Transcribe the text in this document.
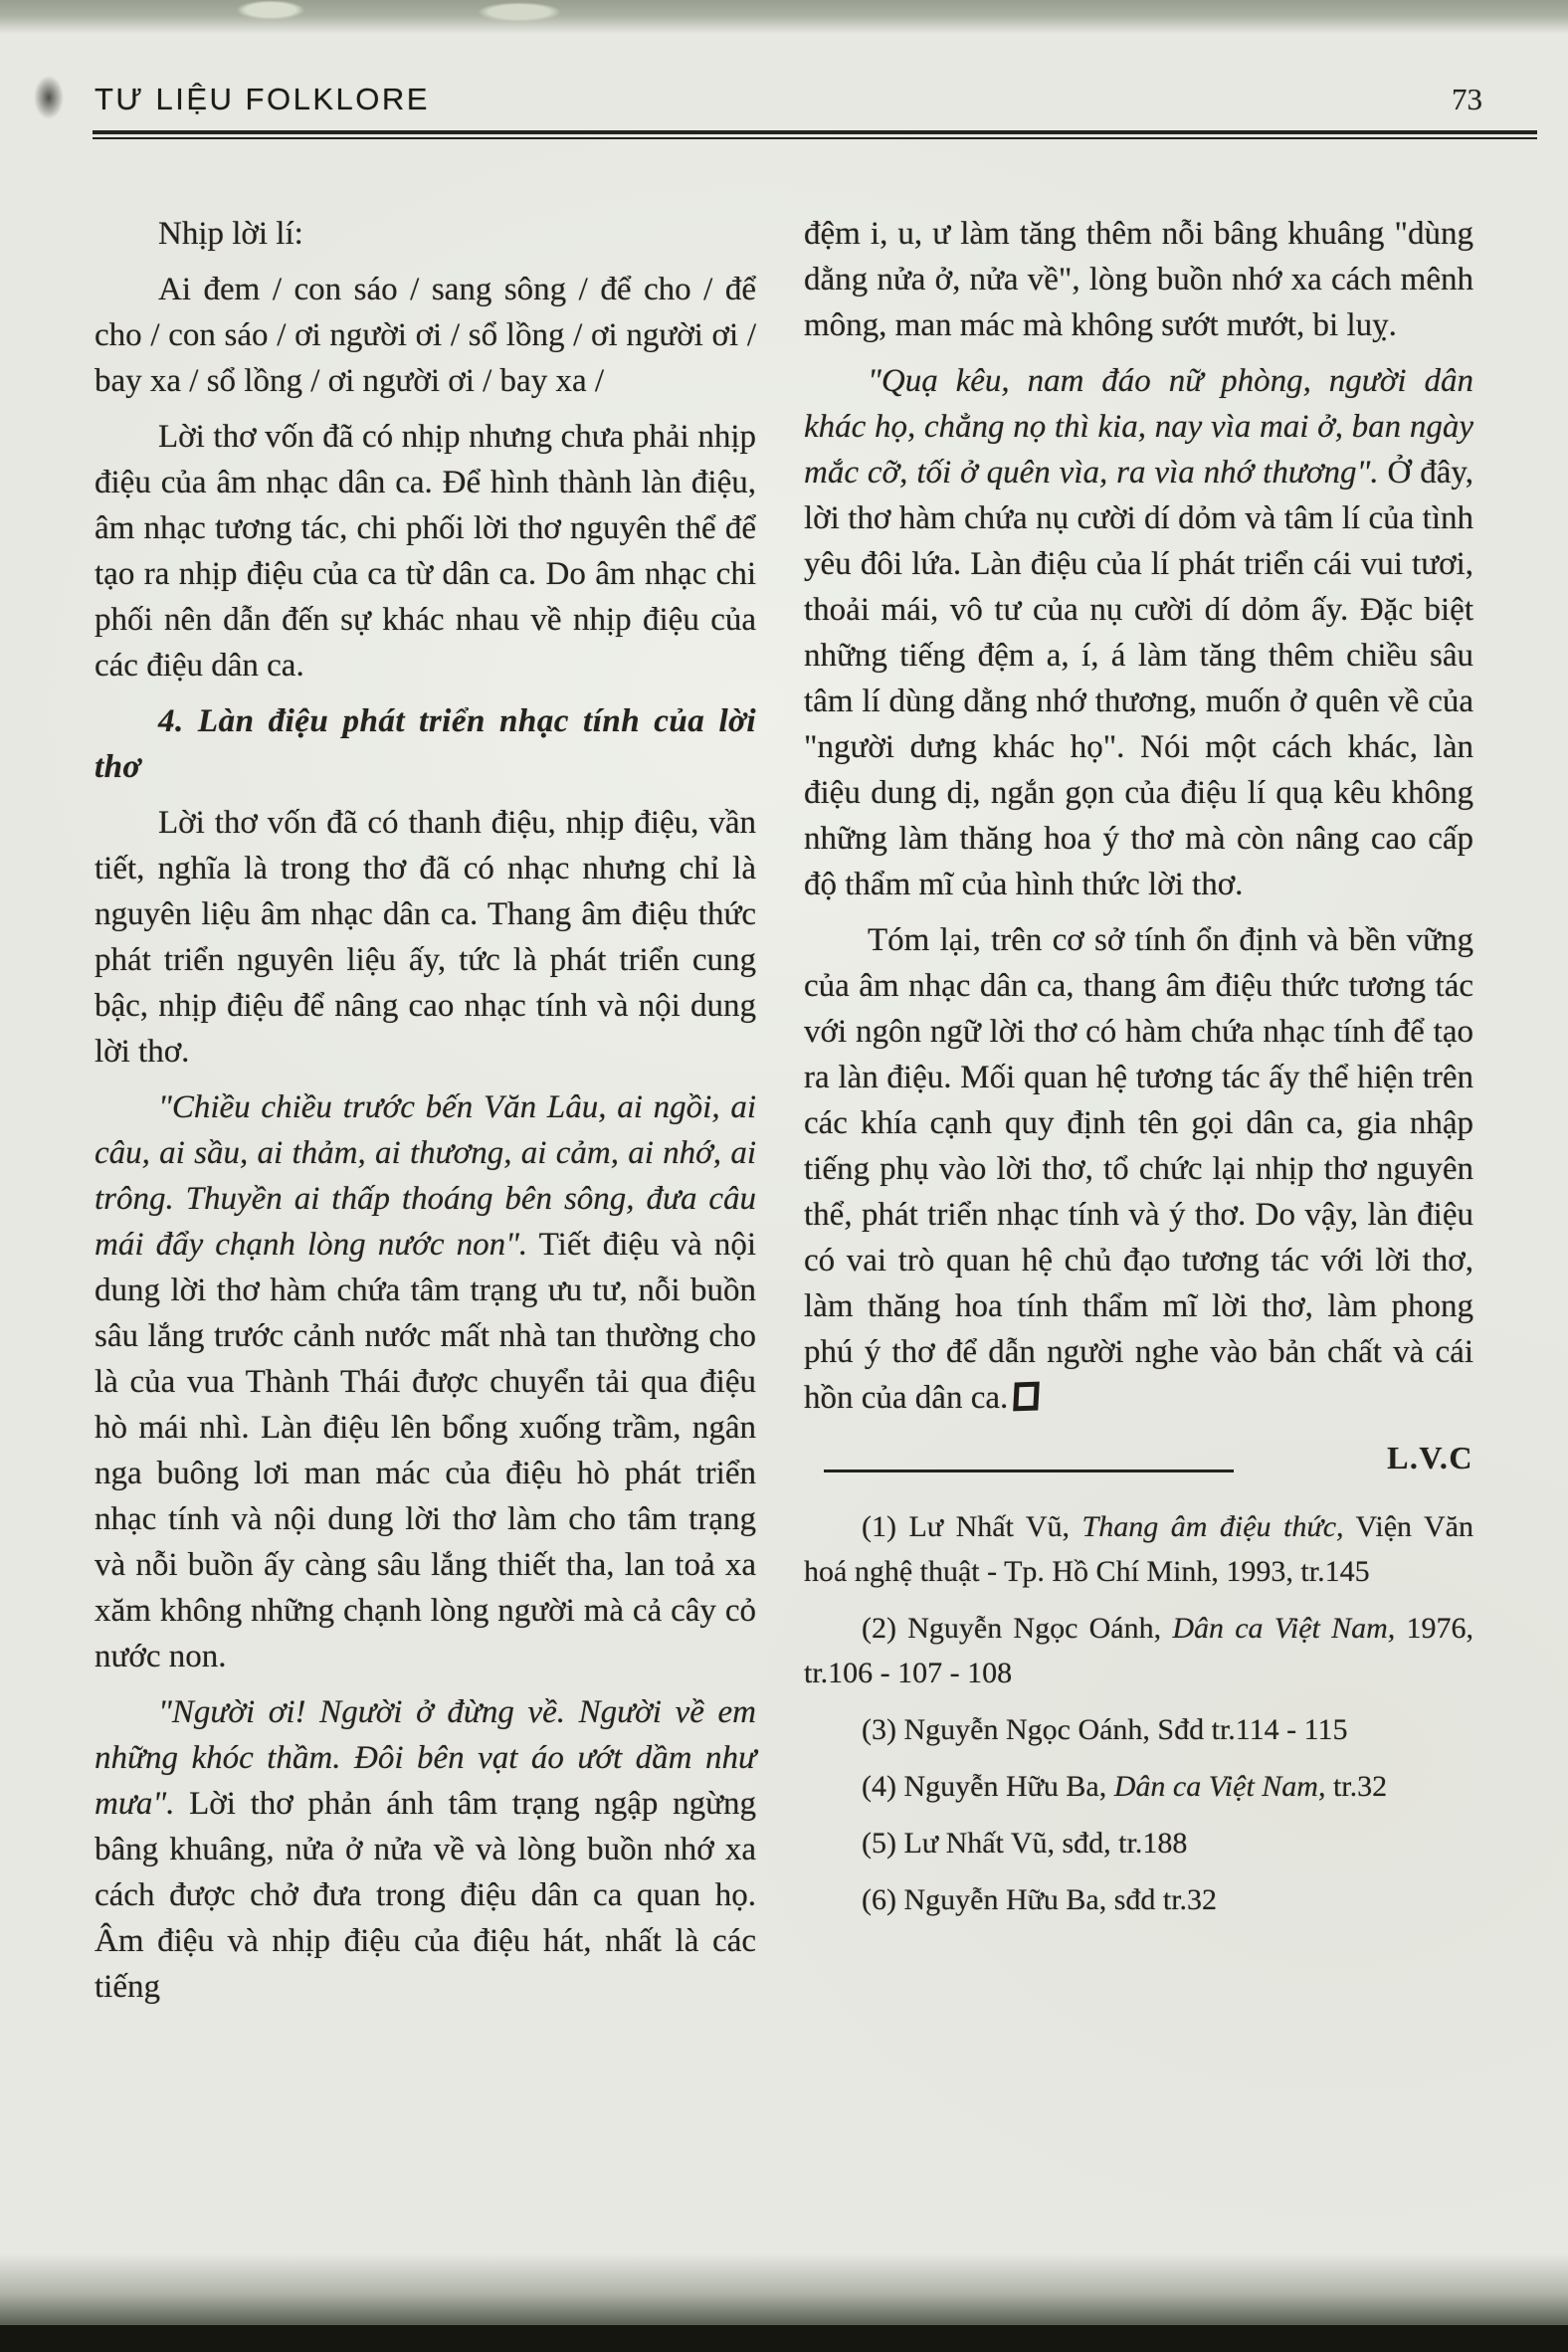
TƯ LIỆU FOLKLORE	73

Nhịp lời lí:

Ai đem / con sáo / sang sông / để cho / để cho / con sáo / ơi người ơi / sổ lồng / ơi người ơi / bay xa / sổ lồng / ơi người ơi / bay xa /

Lời thơ vốn đã có nhịp nhưng chưa phải nhịp điệu của âm nhạc dân ca. Để hình thành làn điệu, âm nhạc tương tác, chi phối lời thơ nguyên thể để tạo ra nhịp điệu của ca từ dân ca. Do âm nhạc chi phối nên dẫn đến sự khác nhau về nhịp điệu của các điệu dân ca.

4. Làn điệu phát triển nhạc tính của lời thơ

Lời thơ vốn đã có thanh điệu, nhịp điệu, vần tiết, nghĩa là trong thơ đã có nhạc nhưng chỉ là nguyên liệu âm nhạc dân ca. Thang âm điệu thức phát triển nguyên liệu ấy, tức là phát triển cung bậc, nhịp điệu để nâng cao nhạc tính và nội dung lời thơ.

"Chiều chiều trước bến Văn Lâu, ai ngồi, ai câu, ai sầu, ai thảm, ai thương, ai cảm, ai nhớ, ai trông. Thuyền ai thấp thoáng bên sông, đưa câu mái đẩy chạnh lòng nước non". Tiết điệu và nội dung lời thơ hàm chứa tâm trạng ưu tư, nỗi buồn sâu lắng trước cảnh nước mất nhà tan thường cho là của vua Thành Thái được chuyển tải qua điệu hò mái nhì. Làn điệu lên bổng xuống trầm, ngân nga buông lơi man mác của điệu hò phát triển nhạc tính và nội dung lời thơ làm cho tâm trạng và nỗi buồn ấy càng sâu lắng thiết tha, lan toả xa xăm không những chạnh lòng người mà cả cây cỏ nước non.

"Người ơi! Người ở đừng về. Người về em những khóc thầm. Đôi bên vạt áo ướt dầm như mưa". Lời thơ phản ánh tâm trạng ngập ngừng bâng khuâng, nửa ở nửa về và lòng buồn nhớ xa cách được chở đưa trong điệu dân ca quan họ. Âm điệu và nhịp điệu của điệu hát, nhất là các tiếng

đệm i, u, ư làm tăng thêm nỗi bâng khuâng "dùng dằng nửa ở, nửa về", lòng buồn nhớ xa cách mênh mông, man mác mà không sướt mướt, bi luỵ.

"Quạ kêu, nam đáo nữ phòng, người dân khác họ, chẳng nọ thì kia, nay vìa mai ở, ban ngày mắc cỡ, tối ở quên vìa, ra vìa nhớ thương". Ở đây, lời thơ hàm chứa nụ cười dí dỏm và tâm lí của tình yêu đôi lứa. Làn điệu của lí phát triển cái vui tươi, thoải mái, vô tư của nụ cười dí dỏm ấy. Đặc biệt những tiếng đệm a, í, á làm tăng thêm chiều sâu tâm lí dùng dằng nhớ thương, muốn ở quên về của "người dưng khác họ". Nói một cách khác, làn điệu dung dị, ngắn gọn của điệu lí quạ kêu không những làm thăng hoa ý thơ mà còn nâng cao cấp độ thẩm mĩ của hình thức lời thơ.

Tóm lại, trên cơ sở tính ổn định và bền vững của âm nhạc dân ca, thang âm điệu thức tương tác với ngôn ngữ lời thơ có hàm chứa nhạc tính để tạo ra làn điệu. Mối quan hệ tương tác ấy thể hiện trên các khía cạnh quy định tên gọi dân ca, gia nhập tiếng phụ vào lời thơ, tổ chức lại nhịp thơ nguyên thể, phát triển nhạc tính và ý thơ. Do vậy, làn điệu có vai trò quan hệ chủ đạo tương tác với lời thơ, làm thăng hoa tính thẩm mĩ lời thơ, làm phong phú ý thơ để dẫn người nghe vào bản chất và cái hồn của dân ca.

L.V.C

(1) Lư Nhất Vũ, Thang âm điệu thức, Viện Văn hoá nghệ thuật - Tp. Hồ Chí Minh, 1993, tr.145

(2) Nguyễn Ngọc Oánh, Dân ca Việt Nam, 1976, tr.106 - 107 - 108

(3) Nguyễn Ngọc Oánh, Sđd tr.114 - 115

(4) Nguyễn Hữu Ba, Dân ca Việt Nam, tr.32

(5) Lư Nhất Vũ, sđd, tr.188

(6) Nguyễn Hữu Ba, sđd tr.32
